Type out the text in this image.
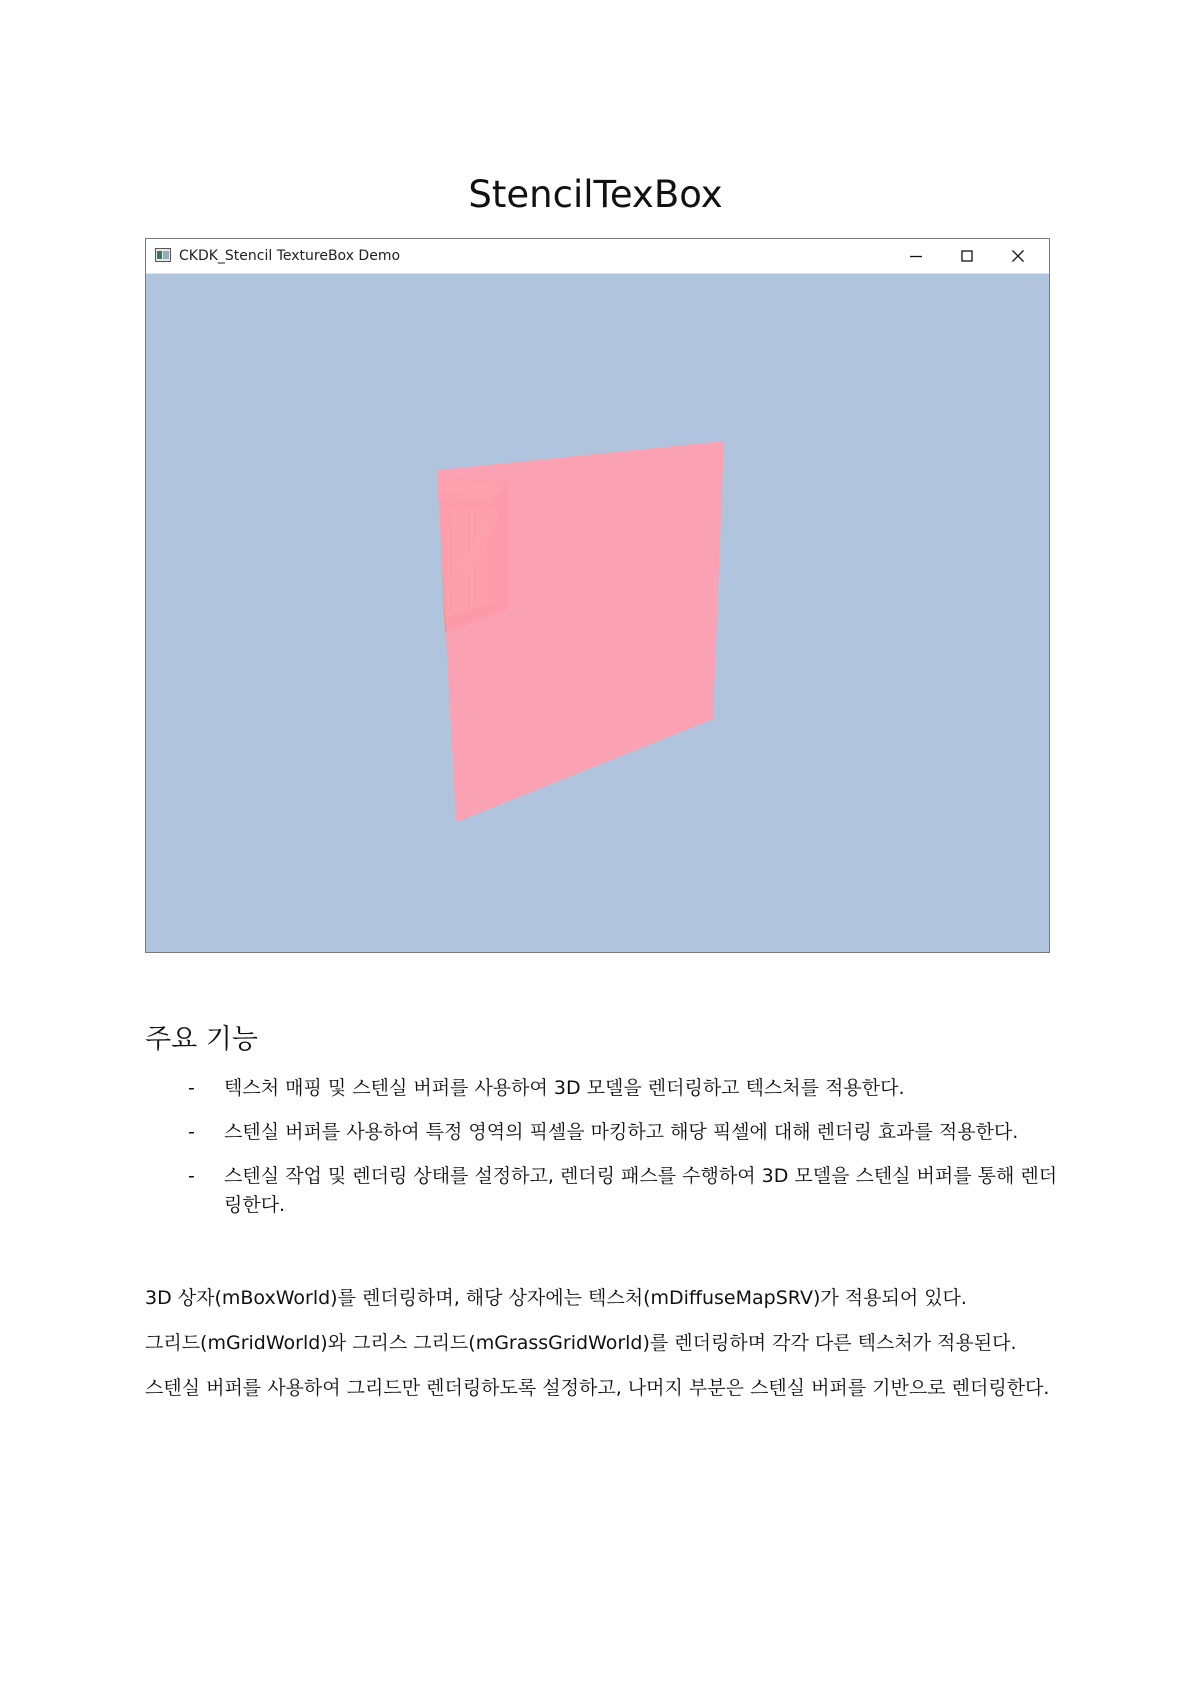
StencilTexBox
CKDK_Stencil TextureBox Demo
주요 기능
- 텍스처 매핑 및 스텐실 버퍼를 사용하여 3D 모델을 렌더링하고 텍스처를 적용한다.
- 스텐실 버퍼를 사용하여 특정 영역의 픽셀을 마킹하고 해당 픽셀에 대해 렌더링 효과를 적용한다.
- 스텐실 작업 및 렌더링 상태를 설정하고, 렌더링 패스를 수행하여 3D 모델을 스텐실 버퍼를 통해 렌더링한다.

3D 상자(mBoxWorld)를 렌더링하며, 해당 상자에는 텍스처(mDiffuseMapSRV)가 적용되어 있다.

그리드(mGridWorld)와 그리스 그리드(mGrassGridWorld)를 렌더링하며 각각 다른 텍스처가 적용된다.

스텐실 버퍼를 사용하여 그리드만 렌더링하도록 설정하고, 나머지 부분은 스텐실 버퍼를 기반으로 렌더링한다.
